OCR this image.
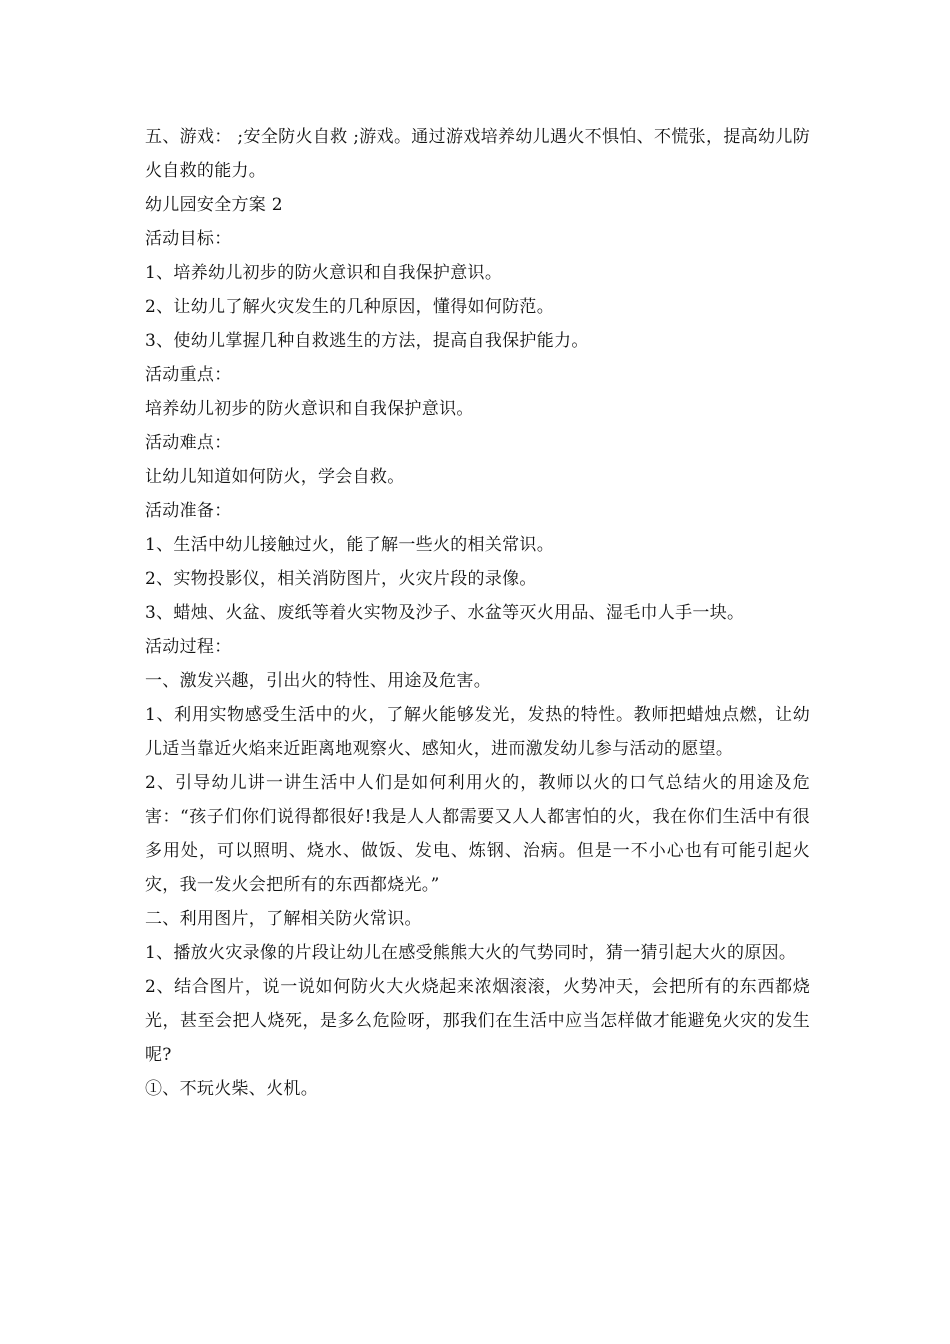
五、游戏： ;安全防火自救 ;游戏。通过游戏培养幼儿遇火不惧怕、不慌张，提高幼儿防火自救的能力。

幼儿园安全方案 2

活动目标：

1、培养幼儿初步的防火意识和自我保护意识。

2、让幼儿了解火灾发生的几种原因，懂得如何防范。

3、使幼儿掌握几种自救逃生的方法，提高自我保护能力。

活动重点：

培养幼儿初步的防火意识和自我保护意识。

活动难点：

让幼儿知道如何防火，学会自救。

活动准备：

1、生活中幼儿接触过火，能了解一些火的相关常识。

2、实物投影仪，相关消防图片，火灾片段的录像。

3、蜡烛、火盆、废纸等着火实物及沙子、水盆等灭火用品、湿毛巾人手一块。

活动过程：

一、激发兴趣，引出火的特性、用途及危害。

1、利用实物感受生活中的火，了解火能够发光，发热的特性。教师把蜡烛点燃，让幼儿适当靠近火焰来近距离地观察火、感知火，进而激发幼儿参与活动的愿望。

2、引导幼儿讲一讲生活中人们是如何利用火的，教师以火的口气总结火的用途及危害：“孩子们你们说得都很好!我是人人都需要又人人都害怕的火，我在你们生活中有很多用处，可以照明、烧水、做饭、发电、炼钢、治病。但是一不小心也有可能引起火灾，我一发火会把所有的东西都烧光。”

二、利用图片，了解相关防火常识。

1、播放火灾录像的片段让幼儿在感受熊熊大火的气势同时，猜一猜引起大火的原因。

2、结合图片，说一说如何防火大火烧起来浓烟滚滚，火势冲天，会把所有的东西都烧光，甚至会把人烧死，是多么危险呀，那我们在生活中应当怎样做才能避免火灾的发生呢?

①、不玩火柴、火机。
